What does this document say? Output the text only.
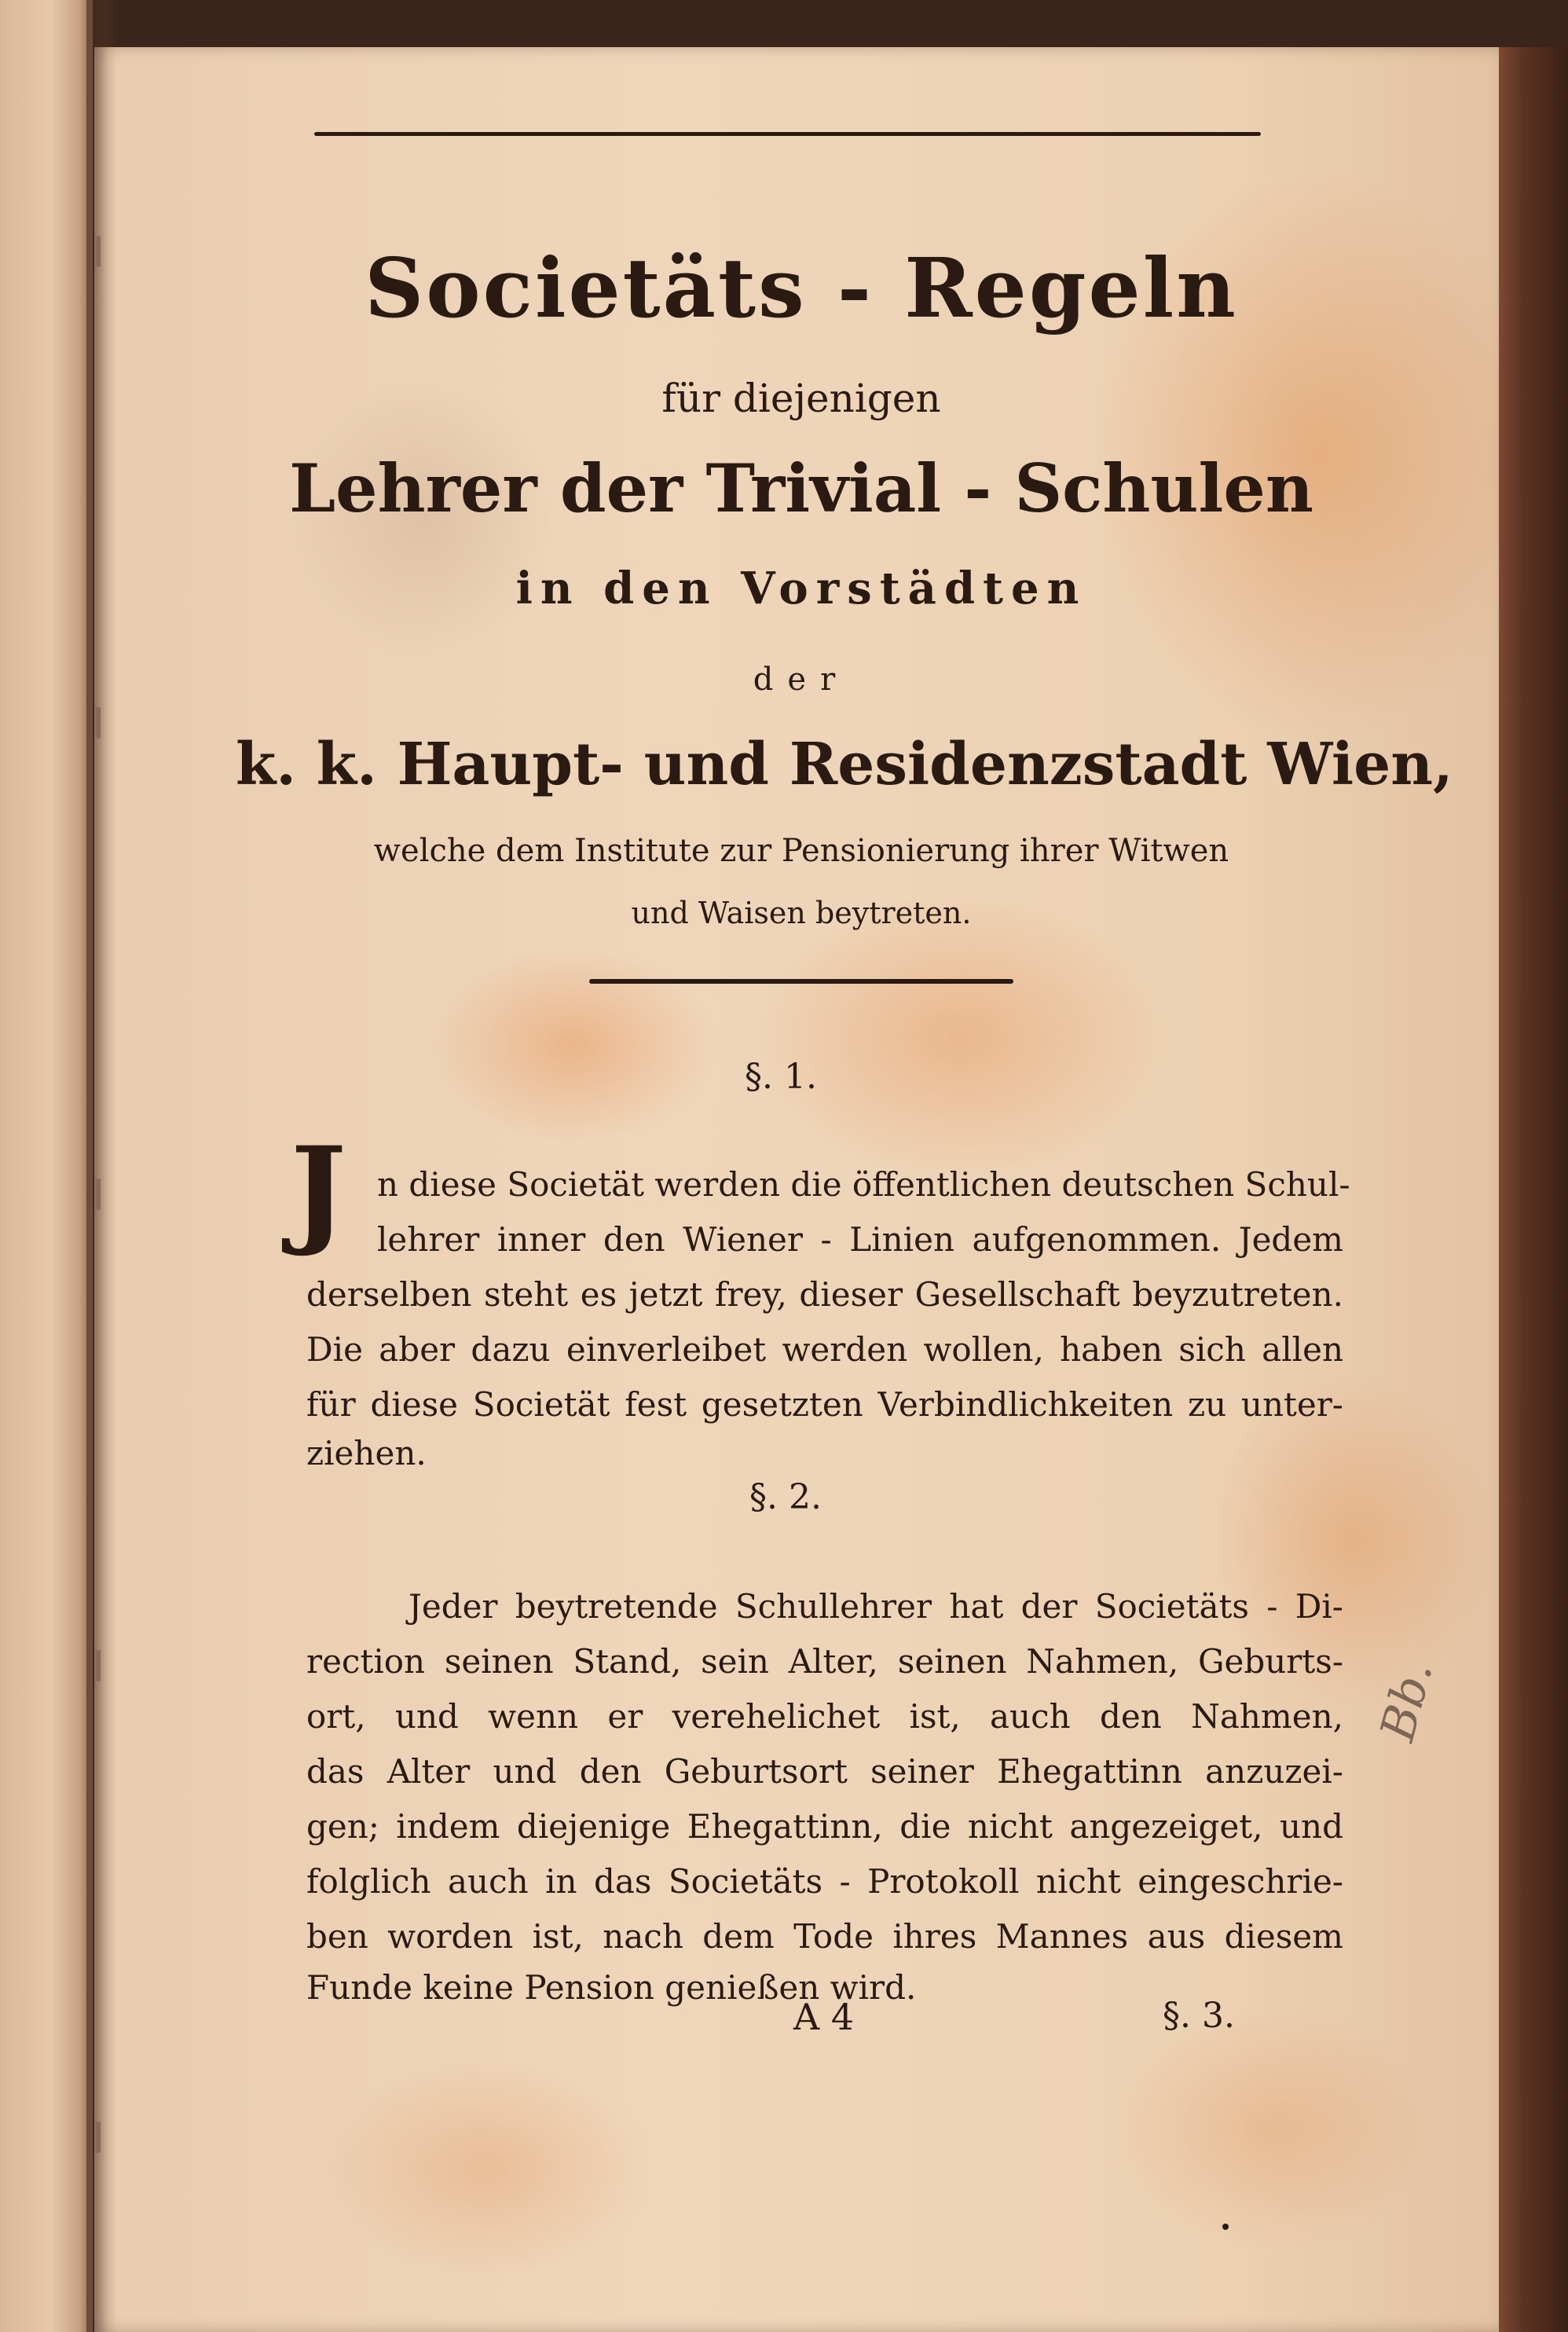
Societäts - Regeln

für diejenigen

Lehrer der Trivial - Schulen

in den Vorstädten

der

k. k. Haupt- und Residenzstadt Wien,

welche dem Institute zur Pensionierung ihrer Witwen

und Waisen beytreten.

§. 1.
J n diese Societät werden die öffentlichen deutschen Schul-

lehrer inner den Wiener - Linien aufgenommen. Jedem

derselben steht es jetzt frey, dieser Gesellschaft beyzutreten.

Die aber dazu einverleibet werden wollen, haben sich allen

für diese Societät fest gesetzten Verbindlichkeiten zu unter-

ziehen.

§. 2.

Jeder beytretende Schullehrer hat der Societäts - Di-

rection seinen Stand, sein Alter, seinen Nahmen, Geburts-

ort, und wenn er verehelichet ist, auch den Nahmen,

das Alter und den Geburtsort seiner Ehegattinn anzuzei-

gen; indem diejenige Ehegattinn, die nicht angezeiget, und

folglich auch in das Societäts - Protokoll nicht eingeschrie-

ben worden ist, nach dem Tode ihres Mannes aus diesem

Funde keine Pension genießen wird.

A 4	§. 3.
Bb.
